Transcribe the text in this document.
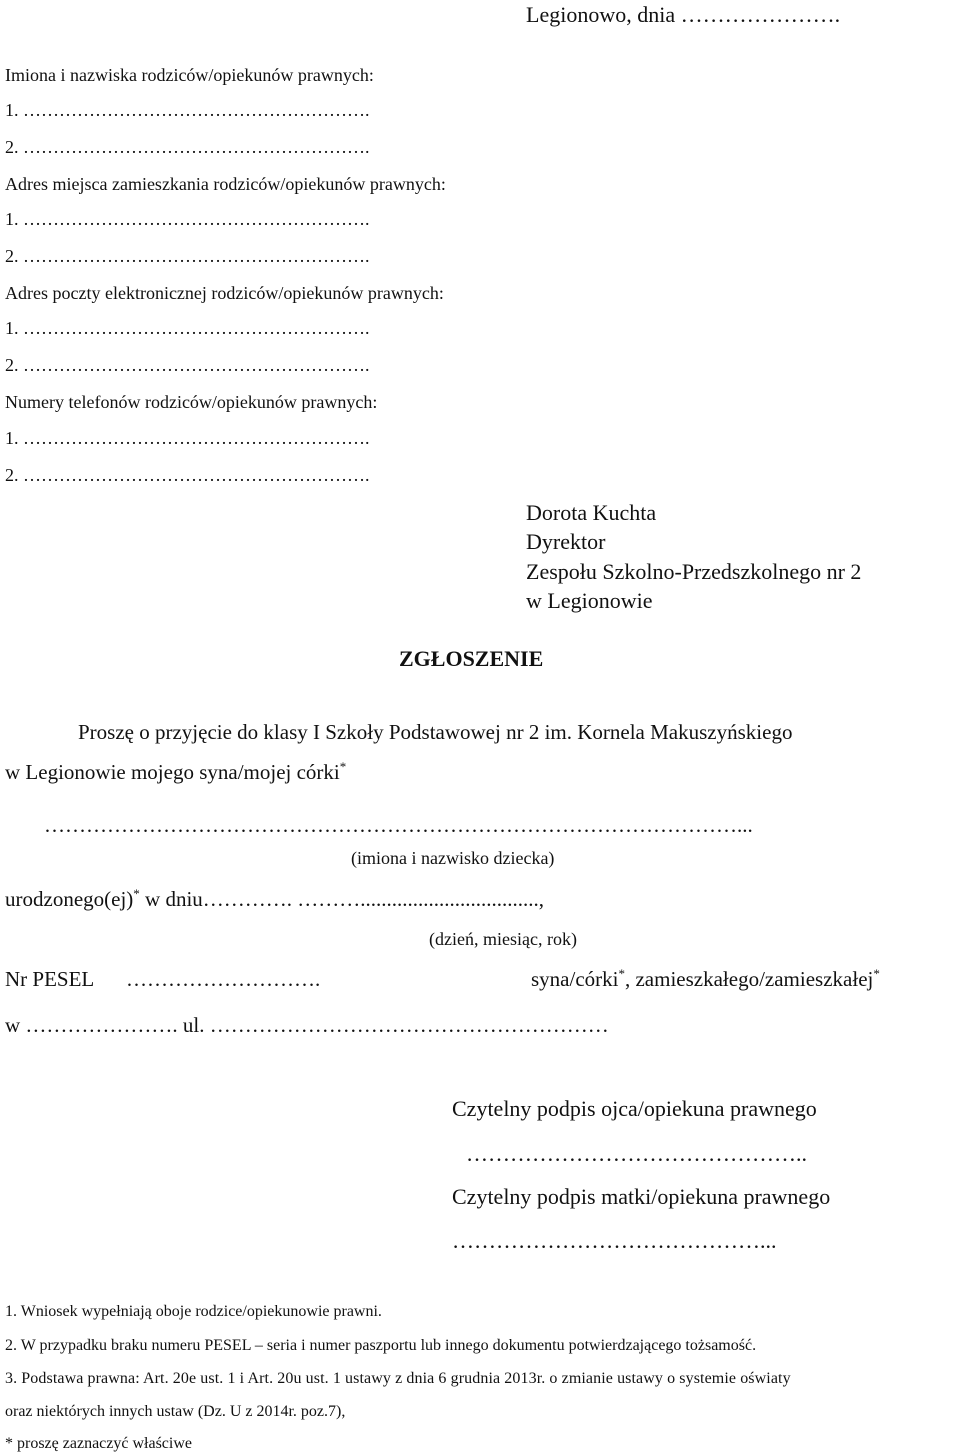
Legionowo, dnia ………………….
Imiona i nazwiska rodziców/opiekunów prawnych:
1. ………………………………………………….
2. ………………………………………………….
Adres miejsca zamieszkania rodziców/opiekunów prawnych:
1. ………………………………………………….
2. ………………………………………………….
Adres poczty elektronicznej rodziców/opiekunów prawnych:
1. ………………………………………………….
2. ………………………………………………….
Numery telefonów rodziców/opiekunów prawnych:
1. ………………………………………………….
2. ………………………………………………….
Dorota Kuchta
Dyrektor
Zespołu Szkolno-Przedszkolnego nr 2
w Legionowie
ZGŁOSZENIE
Proszę o przyjęcie do klasy I Szkoły Podstawowej nr 2 im. Kornela Makuszyńskiego
w Legionowie mojego syna/mojej córki*
………………………………………………………………………………………...
(imiona i nazwisko dziecka)
urodzonego(ej)* w dniu…………. ………..................................,
(dzień, miesiąc, rok)
Nr PESEL ……………………….	syna/córki*, zamieszkałego/zamieszkałej*
w …………………. ul. …………………………………………………
Czytelny podpis ojca/opiekuna prawnego
………………………………………..
Czytelny podpis matki/opiekuna prawnego
……………………………………...
1. Wniosek wypełniają oboje rodzice/opiekunowie prawni.
2. W przypadku braku numeru PESEL – seria i numer paszportu lub innego dokumentu potwierdzającego tożsamość.
3. Podstawa prawna: Art. 20e ust. 1 i Art. 20u ust. 1 ustawy z dnia 6 grudnia 2013r. o zmianie ustawy o systemie oświaty
oraz niektórych innych ustaw (Dz. U z 2014r. poz.7),
* proszę zaznaczyć właściwe
